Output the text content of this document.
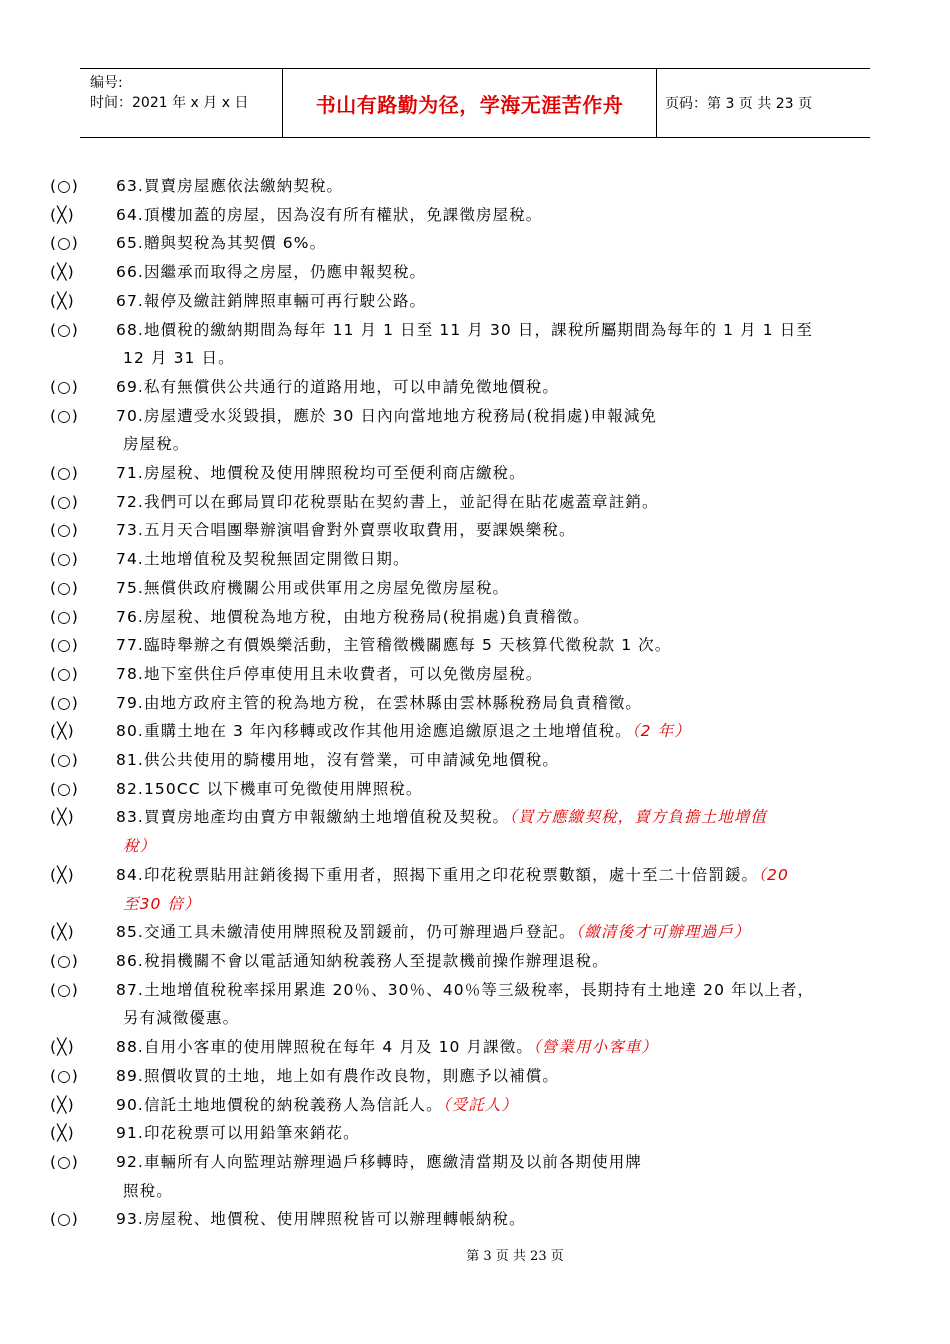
编号:
时间：2021 年 x 月 x 日	书山有路勤为径，学海无涯苦作舟	页码：第 3 页 共 23 页
(○) 63.買賣房屋應依法繳納契稅。
(╳)	64.頂樓加蓋的房屋，因為沒有所有權狀，免課徵房屋稅。
(○) 65.贈與契稅為其契價 6%。
(╳)	66.因繼承而取得之房屋，仍應申報契稅。
(╳)	67.報停及繳註銷牌照車輛可再行駛公路。
(○) 68.地價稅的繳納期間為每年 11 月 1 日至 11 月 30 日，課稅所屬期間為每年的 1 月 1 日至
12 月 31 日。
(○) 69.私有無償供公共通行的道路用地，可以申請免徵地價稅。
(○) 70.房屋遭受水災毀損，應於 30 日內向當地地方稅務局(稅捐處)申報減免
房屋稅。
(○) 71.房屋稅、地價稅及使用牌照稅均可至便利商店繳稅。
(○) 72.我們可以在郵局買印花稅票貼在契約書上，並記得在貼花處蓋章註銷。
(○) 73.五月天合唱團舉辦演唱會對外賣票收取費用，要課娛樂稅。
(○) 74.土地增值稅及契稅無固定開徵日期。
(○) 75.無償供政府機關公用或供軍用之房屋免徵房屋稅。
(○) 76.房屋稅、地價稅為地方稅，由地方稅務局(稅捐處)負責稽徵。
(○) 77.臨時舉辦之有價娛樂活動，主管稽徵機關應每 5 天核算代徵稅款 1 次。
(○) 78.地下室供住戶停車使用且未收費者，可以免徵房屋稅。
(○) 79.由地方政府主管的稅為地方稅，在雲林縣由雲林縣稅務局負責稽徵。
(╳)	80.重購土地在 3 年內移轉或改作其他用途應追繳原退之土地增值稅。（2 年）
(○) 81.供公共使用的騎樓用地，沒有營業，可申請減免地價稅。
(○) 82.150CC 以下機車可免徵使用牌照稅。
(╳)	83.買賣房地產均由賣方申報繳納土地增值稅及契稅。（買方應繳契稅，賣方負擔土地增值
稅）
(╳)	84.印花稅票貼用註銷後揭下重用者，照揭下重用之印花稅票數額，處十至二十倍罰鍰。（20
至30 倍）
(╳)	85.交通工具未繳清使用牌照稅及罰鍰前，仍可辦理過戶登記。（繳清後才可辦理過戶）
(○) 86.稅捐機關不會以電話通知納稅義務人至提款機前操作辦理退稅。
(○) 87.土地增值稅稅率採用累進 20％、30％、40％等三級稅率，長期持有土地達 20 年以上者，
另有減徵優惠。
(╳)	88.自用小客車的使用牌照稅在每年 4 月及 10 月課徵。（營業用小客車）
(○) 89.照價收買的土地，地上如有農作改良物，則應予以補償。
(╳)	90.信託土地地價稅的納稅義務人為信託人。（受託人）
(╳)	91.印花稅票可以用鉛筆來銷花。
(○) 92.車輛所有人向監理站辦理過戶移轉時，應繳清當期及以前各期使用牌
照稅。
(○) 93.房屋稅、地價稅、使用牌照稅皆可以辦理轉帳納稅。
第 3 页 共 23 页
